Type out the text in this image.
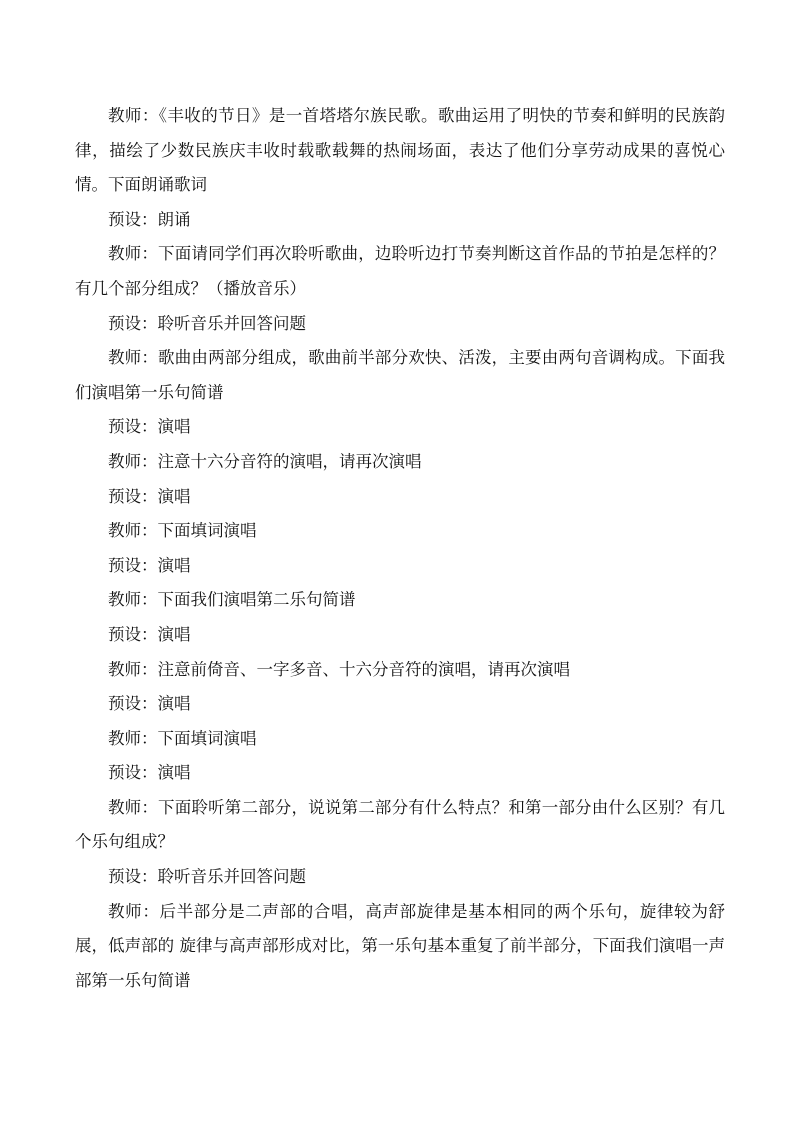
教师：《丰收的节日》是一首塔塔尔族民歌。歌曲运用了明快的节奏和鲜明的民族韵律，描绘了少数民族庆丰收时载歌载舞的热闹场面，表达了他们分享劳动成果的喜悦心情。下面朗诵歌词

预设：朗诵

教师：下面请同学们再次聆听歌曲，边聆听边打节奏判断这首作品的节拍是怎样的？有几个部分组成？（播放音乐）

预设：聆听音乐并回答问题

教师：歌曲由两部分组成，歌曲前半部分欢快、活泼，主要由两句音调构成。下面我们演唱第一乐句简谱

预设：演唱

教师：注意十六分音符的演唱，请再次演唱

预设：演唱

教师：下面填词演唱

预设：演唱

教师：下面我们演唱第二乐句简谱

预设：演唱

教师：注意前倚音、一字多音、十六分音符的演唱，请再次演唱

预设：演唱

教师：下面填词演唱

预设：演唱

教师：下面聆听第二部分，说说第二部分有什么特点？和第一部分由什么区别？有几个乐句组成？

预设：聆听音乐并回答问题

教师：后半部分是二声部的合唱，高声部旋律是基本相同的两个乐句，旋律较为舒展，低声部的 旋律与高声部形成对比，第一乐句基本重复了前半部分，下面我们演唱一声部第一乐句简谱
